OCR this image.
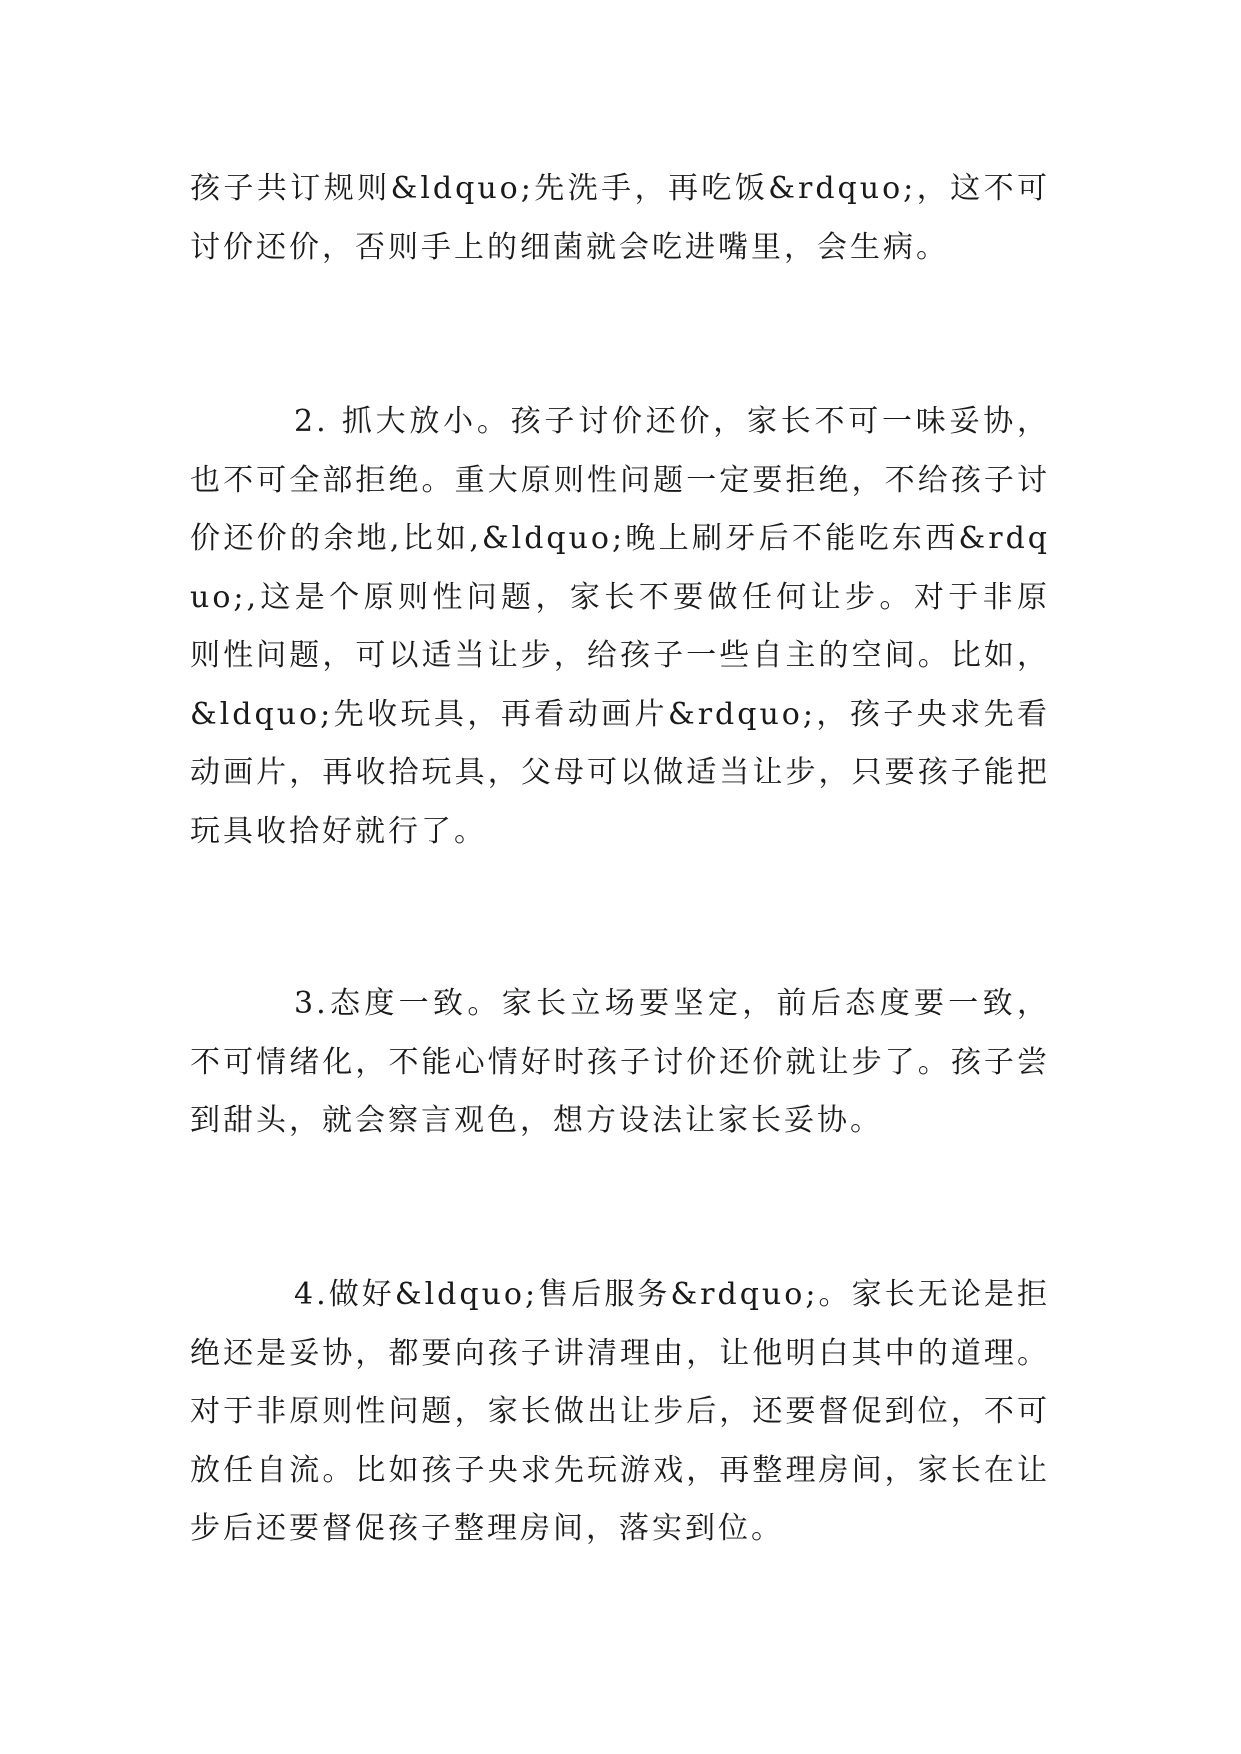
孩子共订规则&ldquo;先洗手，再吃饭&rdquo;，这不可讨价还价，否则手上的细菌就会吃进嘴里，会生病。

2. 抓大放小。孩子讨价还价，家长不可一味妥协，也不可全部拒绝。重大原则性问题一定要拒绝，不给孩子讨价还价的余地,比如,&ldquo;晚上刷牙后不能吃东西&rdquo;,这是个原则性问题，家长不要做任何让步。对于非原则性问题，可以适当让步，给孩子一些自主的空间。比如，&ldquo;先收玩具，再看动画片&rdquo;，孩子央求先看动画片，再收拾玩具，父母可以做适当让步，只要孩子能把玩具收拾好就行了。

3.态度一致。家长立场要坚定，前后态度要一致，不可情绪化，不能心情好时孩子讨价还价就让步了。孩子尝到甜头，就会察言观色，想方设法让家长妥协。

4.做好&ldquo;售后服务&rdquo;。家长无论是拒绝还是妥协，都要向孩子讲清理由，让他明白其中的道理。对于非原则性问题，家长做出让步后，还要督促到位，不可放任自流。比如孩子央求先玩游戏，再整理房间，家长在让步后还要督促孩子整理房间，落实到位。
